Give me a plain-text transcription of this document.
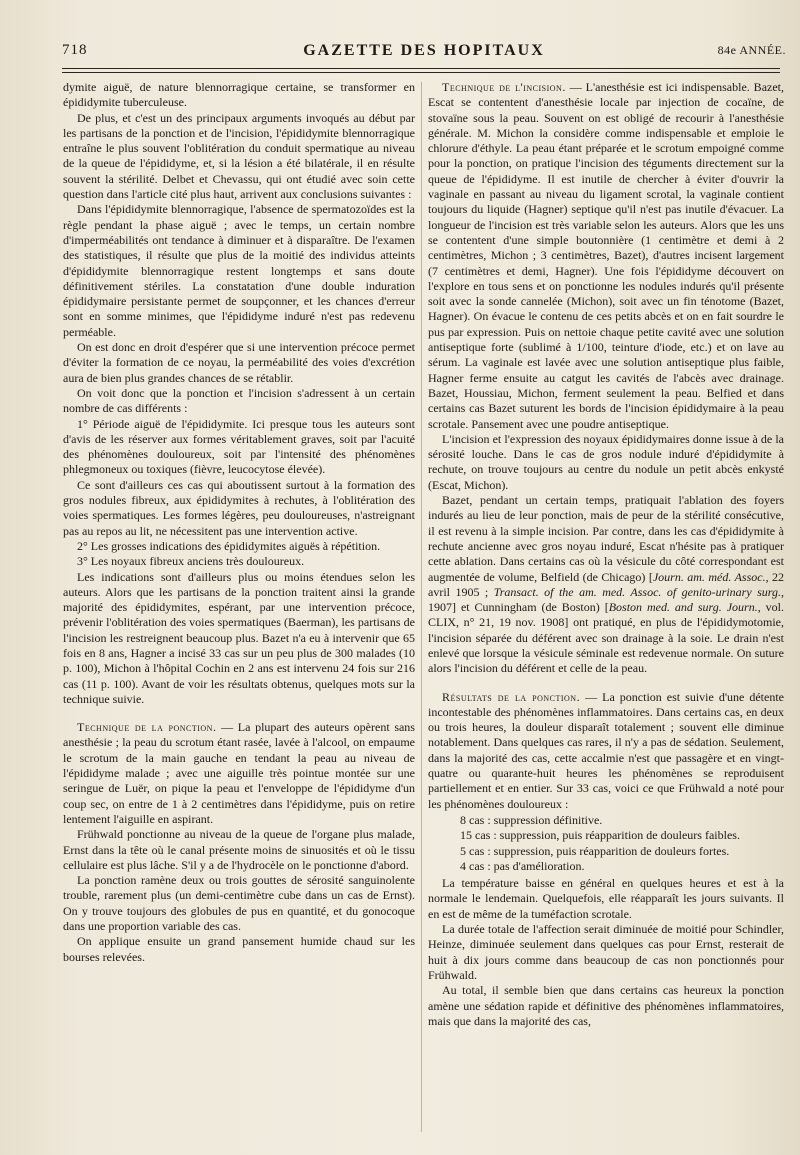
718	GAZETTE DES HOPITAUX	84e ANNÉE.

dymite aiguë, de nature blennorragique certaine, se transformer en épididymite tuberculeuse.

De plus, et c'est un des principaux arguments invoqués au début par les partisans de la ponction et de l'incision, l'épididymite blennorragique entraîne le plus souvent l'oblitération du conduit spermatique au niveau de la queue de l'épididyme, et, si la lésion a été bilatérale, il en résulte souvent la stérilité. Delbet et Chevassu, qui ont étudié avec soin cette question dans l'article cité plus haut, arrivent aux conclusions suivantes :

Dans l'épididymite blennorragique, l'absence de spermatozoïdes est la règle pendant la phase aiguë ; avec le temps, un certain nombre d'imperméabilités ont tendance à diminuer et à disparaître. De l'examen des statistiques, il résulte que plus de la moitié des individus atteints d'épididymite blennorragique restent longtemps et sans doute définitivement stériles. La constatation d'une double induration épididymaire persistante permet de soupçonner, et les chances d'erreur sont en somme minimes, que l'épididyme induré n'est pas redevenu perméable.

On est donc en droit d'espérer que si une intervention précoce permet d'éviter la formation de ce noyau, la perméabilité des voies d'excrétion aura de bien plus grandes chances de se rétablir.

On voit donc que la ponction et l'incision s'adressent à un certain nombre de cas différents :

1° Période aiguë de l'épididymite. Ici presque tous les auteurs sont d'avis de les réserver aux formes véritablement graves, soit par l'acuité des phénomènes douloureux, soit par l'intensité des phénomènes phlegmoneux ou toxiques (fièvre, leucocytose élevée).

Ce sont d'ailleurs ces cas qui aboutissent surtout à la formation des gros nodules fibreux, aux épididymites à rechutes, à l'oblitération des voies spermatiques. Les formes légères, peu douloureuses, n'astreignant pas au repos au lit, ne nécessitent pas une intervention active.

2° Les grosses indications des épididymites aiguës à répétition.

3° Les noyaux fibreux anciens très douloureux.

Les indications sont d'ailleurs plus ou moins étendues selon les auteurs. Alors que les partisans de la ponction traitent ainsi la grande majorité des épididymites, espérant, par une intervention précoce, prévenir l'oblitération des voies spermatiques (Baerman), les partisans de l'incision les restreignent beaucoup plus. Bazet n'a eu à intervenir que 65 fois en 8 ans, Hagner a incisé 33 cas sur un peu plus de 300 malades (10 p. 100), Michon à l'hôpital Cochin en 2 ans est intervenu 24 fois sur 216 cas (11 p. 100). Avant de voir les résultats obtenus, quelques mots sur la technique suivie.

Technique de la ponction. — La plupart des auteurs opèrent sans anesthésie ; la peau du scrotum étant rasée, lavée à l'alcool, on empaume le scrotum de la main gauche en tendant la peau au niveau de l'épididyme malade ; avec une aiguille très pointue montée sur une seringue de Luër, on pique la peau et l'enveloppe de l'épididyme d'un coup sec, on entre de 1 à 2 centimètres dans l'épididyme, puis on retire lentement l'aiguille en aspirant.

Frühwald ponctionne au niveau de la queue de l'organe plus malade, Ernst dans la tête où le canal présente moins de sinuosités et où le tissu cellulaire est plus lâche. S'il y a de l'hydrocèle on le ponctionne d'abord.

La ponction ramène deux ou trois gouttes de sérosité sanguinolente trouble, rarement plus (un demi-centimètre cube dans un cas de Ernst). On y trouve toujours des globules de pus en quantité, et du gonocoque dans une proportion variable des cas.

On applique ensuite un grand pansement humide chaud sur les bourses relevées.

Technique de l'incision. — L'anesthésie est ici indispensable. Bazet, Escat se contentent d'anesthésie locale par injection de cocaïne, de stovaïne sous la peau. Souvent on est obligé de recourir à l'anesthésie générale. M. Michon la considère comme indispensable et emploie le chlorure d'éthyle. La peau étant préparée et le scrotum empoigné comme pour la ponction, on pratique l'incision des téguments directement sur la queue de l'épididyme. Il est inutile de chercher à éviter d'ouvrir la vaginale en passant au niveau du ligament scrotal, la vaginale contient toujours du liquide (Hagner) septique qu'il n'est pas inutile d'évacuer. La longueur de l'incision est très variable selon les auteurs. Alors que les uns se contentent d'une simple boutonnière (1 centimètre et demi à 2 centimètres, Michon ; 3 centimètres, Bazet), d'autres incisent largement (7 centimètres et demi, Hagner). Une fois l'épididyme découvert on l'explore en tous sens et on ponctionne les nodules indurés qu'il présente soit avec la sonde cannelée (Michon), soit avec un fin ténotome (Bazet, Hagner). On évacue le contenu de ces petits abcès et on en fait sourdre le pus par expression. Puis on nettoie chaque petite cavité avec une solution antiseptique forte (sublimé à 1/100, teinture d'iode, etc.) et on lave au sérum. La vaginale est lavée avec une solution antiseptique plus faible, Hagner ferme ensuite au catgut les cavités de l'abcès avec drainage. Bazet, Houssiau, Michon, ferment seulement la peau. Belfied et dans certains cas Bazet suturent les bords de l'incision épididymaire à la peau scrotale. Pansement avec une poudre antiseptique.

L'incision et l'expression des noyaux épididymaires donne issue à de la sérosité louche. Dans le cas de gros nodule induré d'épididymite à rechute, on trouve toujours au centre du nodule un petit abcès enkysté (Escat, Michon).

Bazet, pendant un certain temps, pratiquait l'ablation des foyers indurés au lieu de leur ponction, mais de peur de la stérilité consécutive, il est revenu à la simple incision. Par contre, dans les cas d'épididymite à rechute ancienne avec gros noyau induré, Escat n'hésite pas à pratiquer cette ablation. Dans certains cas où la vésicule du côté correspondant est augmentée de volume, Belfield (de Chicago) [Journ. am. méd. Assoc., 22 avril 1905 ; Transact. of the am. med. Assoc. of genito-urinary surg., 1907] et Cunningham (de Boston) [Boston med. and surg. Journ., vol. CLIX, n° 21, 19 nov. 1908] ont pratiqué, en plus de l'épididymotomie, l'incision séparée du déférent avec son drainage à la soie. Le drain n'est enlevé que lorsque la vésicule séminale est redevenue normale. On suture alors l'incision du déférent et celle de la peau.

Résultats de la ponction. — La ponction est suivie d'une détente incontestable des phénomènes inflammatoires. Dans certains cas, en deux ou trois heures, la douleur disparaît totalement ; souvent elle diminue notablement. Dans quelques cas rares, il n'y a pas de sédation. Seulement, dans la majorité des cas, cette accalmie n'est que passagère et en vingt-quatre ou quarante-huit heures les phénomènes se reproduisent partiellement et en entier. Sur 33 cas, voici ce que Frühwald a noté pour les phénomènes douloureux :

8 cas : suppression définitive.
15 cas : suppression, puis réapparition de douleurs faibles.
5 cas : suppression, puis réapparition de douleurs fortes.
4 cas : pas d'amélioration.

La température baisse en général en quelques heures et est à la normale le lendemain. Quelquefois, elle réapparaît les jours suivants. Il en est de même de la tuméfaction scrotale.

La durée totale de l'affection serait diminuée de moitié pour Schindler, Heinze, diminuée seulement dans quelques cas pour Ernst, resterait de huit à dix jours comme dans beaucoup de cas non ponctionnés pour Frühwald.

Au total, il semble bien que dans certains cas heureux la ponction amène une sédation rapide et définitive des phénomènes inflammatoires, mais que dans la majorité des cas,
